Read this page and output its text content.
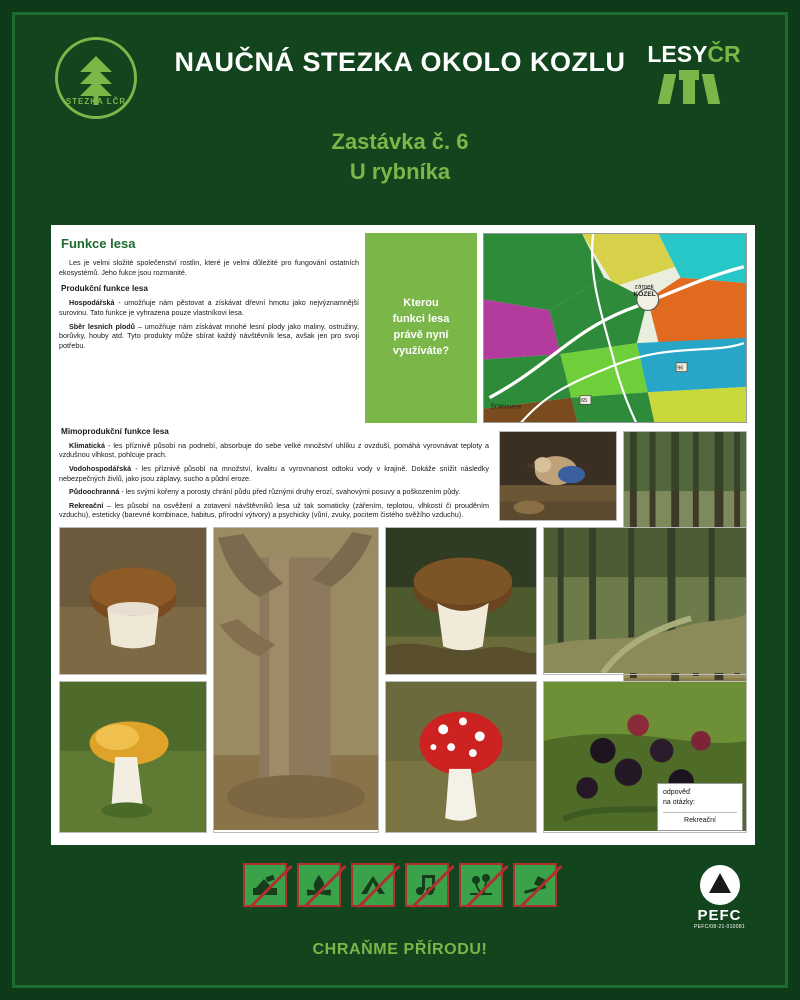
STEZKA LČR
NAUČNÁ STEZKA OKOLO KOZLU LESYČR
Zastávka č. 6
U rybníka
Funkce lesa

Les je velmi složité společenství rostlin, které je velmi důležité pro fungování ostatních ekosystémů. Jeho fukce jsou rozmanité.

Produkční funkce lesa

Hospodářská - umožňuje nám pěstovat a získávat dřevní hmotu jako nejvýznamnější surovinu. Tato funkce je vyhrazena pouze vlastníkovi lesa.

Sběr lesních plodů – umožňuje nám získávat mnohé lesní plody jako maliny, ostružiny, borůvky, houby atd. Tyto produkty může sbírat každý návštěvník lesa, avšak jen pro svoji potřebu.

Kterou
funkci lesa
právě nyní
využíváte?
zámek
KOZEL
Šťáhlavice
65
96
Mimoprodukční funkce lesa

Klimatická - les příznivě působí na podnebí, absorbuje do sebe velké množství uhlíku z ovzduší, pomáhá vyrovnávat teploty a vzdušnou vlhkost, pohlcuje prach.

Vodohospodářská - les příznivě působí na množství, kvalitu a vyrovnanost odtoku vody v krajině. Dokáže snížit následky nebezpečných živlů, jako jsou záplavy, sucho a půdní eroze.

Půdoochranná - les svými kořeny a porosty chrání půdu před různými druhy erozí, svahovými posuvy a poškozením půdy.

Rekreační – les působí na osvěžení a zotavení návštěvníků lesa už tak somaticky (zářením, teplotou, vlhkostí či prouděním vzduchu), esteticky (barevné kombinace, habitus, přírodní výtvory) a psychicky (vůní, zvuky, pocitem čistého svěžího vzduchu).

odpověď
na otázky:
Rekreační
PEFC
PEFC/08-21-010081
CHRAŇME PŘÍRODU!
